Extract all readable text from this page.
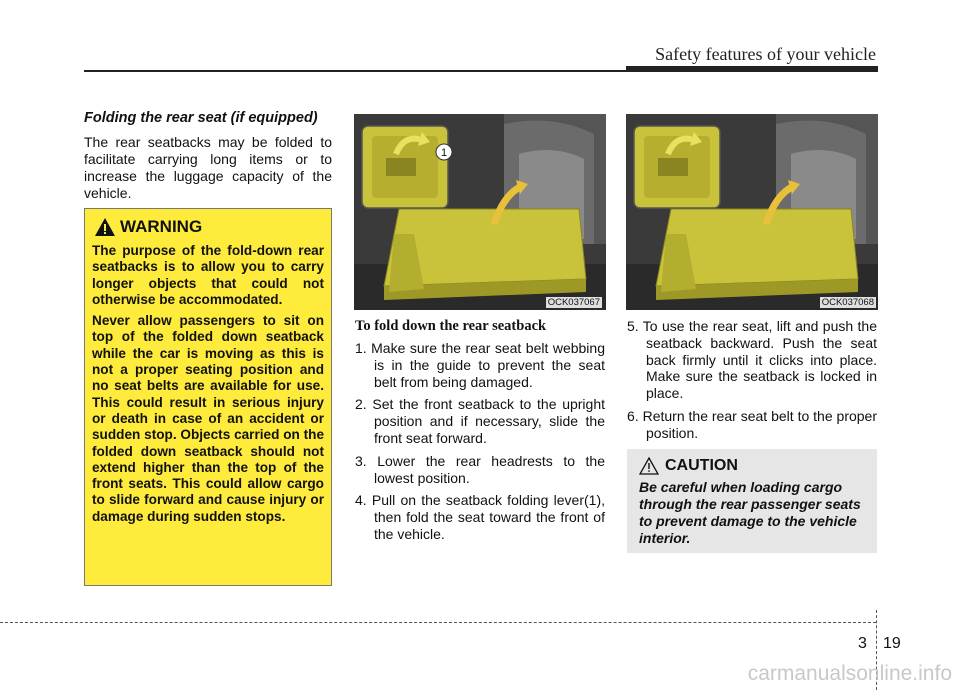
Safety features of your vehicle

Folding the rear seat (if equipped)

The rear seatbacks may be folded to facilitate carrying long items or to increase the luggage capacity of the vehicle.

WARNING

The purpose of the fold-down rear seatbacks is to allow you to carry longer objects that could not otherwise be accommodated.

Never allow passengers to sit on top of the folded down seatback while the car is moving as this is not a proper seating position and no seat belts are available for use. This could result in serious injury or death in case of an accident or sudden stop. Objects carried on the folded down seatback should not extend higher than the top of the front seats. This could allow cargo to slide forward and cause injury or damage during sudden stops.

1
OCK037067	OCK037068

To fold down the rear seatback

1. Make sure the rear seat belt webbing is in the guide to prevent the seat belt from being damaged.
2. Set the front seatback to the upright position and if necessary, slide the front seat forward.
3. Lower the rear headrests to the lowest position.
4. Pull on the seatback folding lever(1), then fold the seat toward the front of the vehicle.
5. To use the rear seat, lift and push the seatback backward. Push the seat back firmly until it clicks into place. Make sure the seatback is locked in place.
6. Return the rear seat belt to the proper position.
CAUTION

Be careful when loading cargo through the rear passenger seats to prevent damage to the vehicle interior.

3 19
carmanualsonline.info
